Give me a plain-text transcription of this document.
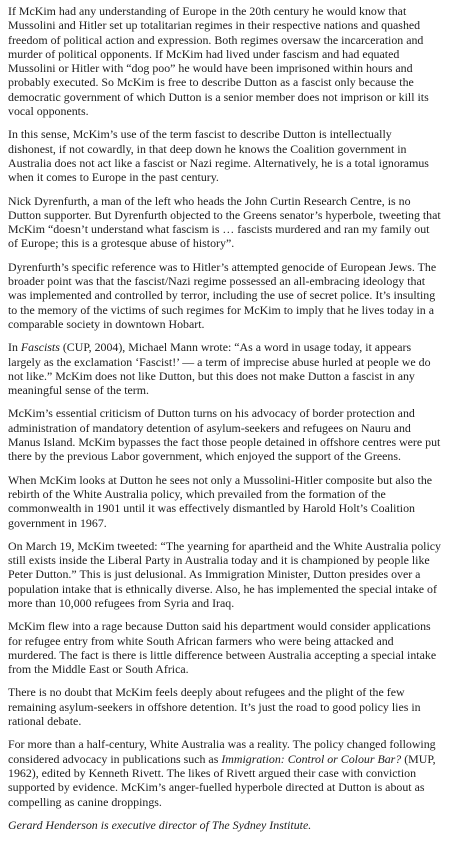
If McKim had any understanding of Europe in the 20th century he would know that Mussolini and Hitler set up totalitarian regimes in their respective nations and quashed freedom of political action and expression. Both regimes oversaw the incarceration and murder of political opponents. If McKim had lived under fascism and had equated Mussolini or Hitler with “dog poo” he would have been imprisoned within hours and probably executed. So McKim is free to describe Dutton as a fascist only because the democratic government of which Dutton is a senior member does not imprison or kill its vocal opponents.

In this sense, McKim’s use of the term fascist to describe Dutton is intellectually dishonest, if not cowardly, in that deep down he knows the Coalition government in Australia does not act like a fascist or Nazi regime. Alternatively, he is a total ignoramus when it comes to Europe in the past century.

Nick Dyrenfurth, a man of the left who heads the John Curtin Research Centre, is no Dutton supporter. But Dyrenfurth objected to the Greens senator’s hyperbole, tweeting that McKim “doesn’t understand what fascism is … fascists murdered and ran my family out of Europe; this is a grotesque abuse of history”.

Dyrenfurth’s specific reference was to Hitler’s attempted genocide of European Jews. The broader point was that the fascist/Nazi regime possessed an all-embracing ideology that was implemented and controlled by terror, including the use of secret police. It’s insulting to the memory of the victims of such regimes for McKim to imply that he lives today in a comparable society in downtown Hobart.

In Fascists (CUP, 2004), Michael Mann wrote: “As a word in usage today, it appears largely as the exclamation ‘Fascist!’ — a term of imprecise abuse hurled at people we do not like.” McKim does not like Dutton, but this does not make Dutton a fascist in any meaningful sense of the term.

McKim’s essential criticism of Dutton turns on his advocacy of border protection and administration of mandatory detention of asylum-seekers and refugees on Nauru and Manus Island. McKim bypasses the fact those people detained in offshore centres were put there by the previous Labor government, which enjoyed the support of the Greens.

When McKim looks at Dutton he sees not only a Mussolini-Hitler composite but also the rebirth of the White Australia policy, which prevailed from the formation of the commonwealth in 1901 until it was effectively dismantled by Harold Holt’s Coalition government in 1967.

On March 19, McKim tweeted: “The yearning for apartheid and the White Australia policy still exists inside the Liberal Party in Australia today and it is championed by people like Peter Dutton.” This is just delusional. As Immigration Minister, Dutton presides over a population intake that is ethnically diverse. Also, he has implemented the special intake of more than 10,000 refugees from Syria and Iraq.

McKim flew into a rage because Dutton said his department would consider applications for refugee entry from white South African farmers who were being attacked and murdered. The fact is there is little difference between Australia accepting a special intake from the Middle East or South Africa.

There is no doubt that McKim feels deeply about refugees and the plight of the few remaining asylum-seekers in offshore detention. It’s just the road to good policy lies in rational debate.

For more than a half-century, White Australia was a reality. The policy changed following considered advocacy in publications such as Immigration: Control or Colour Bar? (MUP, 1962), edited by Kenneth Rivett. The likes of Rivett argued their case with conviction supported by evidence. McKim’s anger-fuelled hyperbole directed at Dutton is about as compelling as canine droppings.

Gerard Henderson is executive director of The Sydney Institute.
